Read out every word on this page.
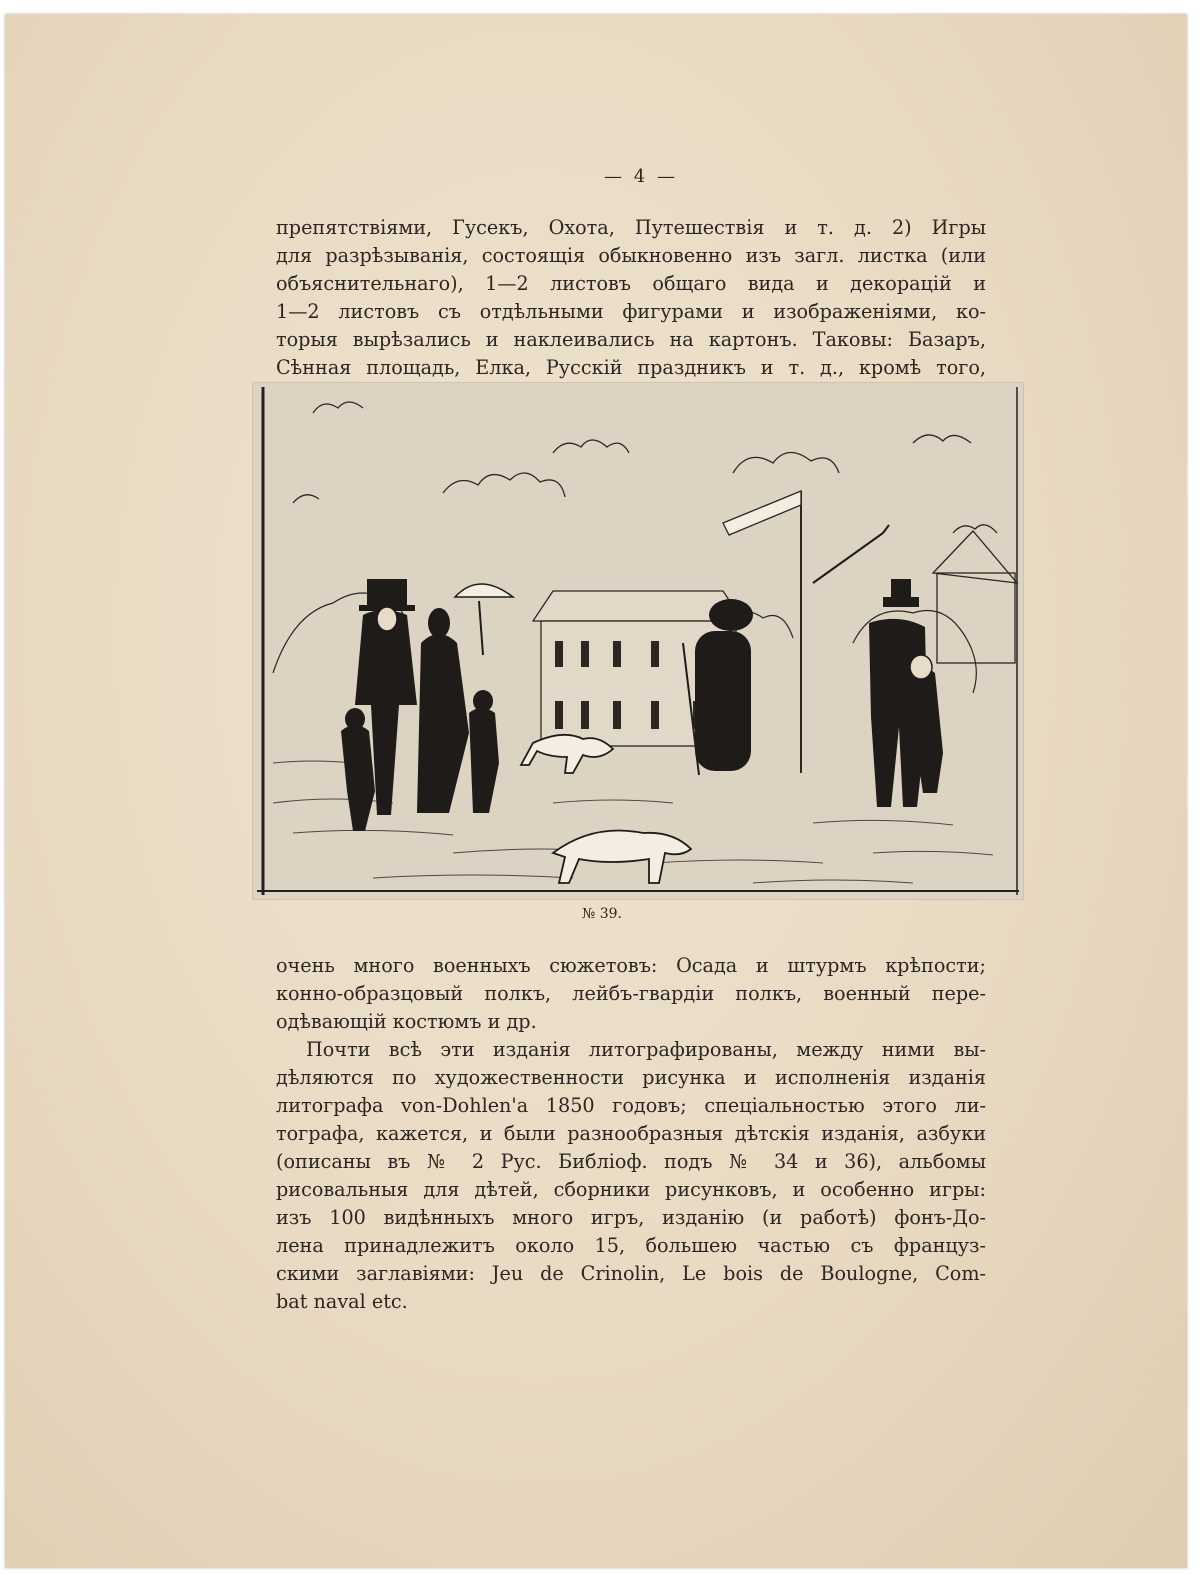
— 4 —
препятствіями, Гусекъ, Охота, Путешествія и т. д. 2) Игры
для разрѣзыванія, состоящія обыкновенно изъ загл. листка (или
объяснительнаго), 1—2 листовъ общаго вида и декорацій и
1—2 листовъ съ отдѣльными фигурами и изображеніями, ко-
торыя вырѣзались и наклеивались на картонъ. Таковы: Базаръ,
Сѣнная площадь, Елка, Русскій праздникъ и т. д., кромѣ того,
№ 39.
очень много военныхъ сюжетовъ: Осада и штурмъ крѣпости;
конно-образцовый полкъ, лейбъ-гвардіи полкъ, военный пере-
одѣвающій костюмъ и др.
Почти всѣ эти изданія литографированы, между ними вы-
дѣляются по художественности рисунка и исполненія изданія
литографа von-Dohlen'a 1850 годовъ; спеціальностью этого ли-
тографа, кажется, и были разнообразныя дѣтскія изданія, азбуки
(описаны въ № 2 Рус. Библіоф. подъ № 34 и 36), альбомы
рисовальныя для дѣтей, сборники рисунковъ, и особенно игры:
изъ 100 видѣнныхъ много игръ, изданію (и работѣ) фонъ-До-
лена принадлежитъ около 15, большею частью съ француз-
скими заглавіями: Jeu de Crinolin, Le bois de Boulogne, Com-
bat naval etc.
